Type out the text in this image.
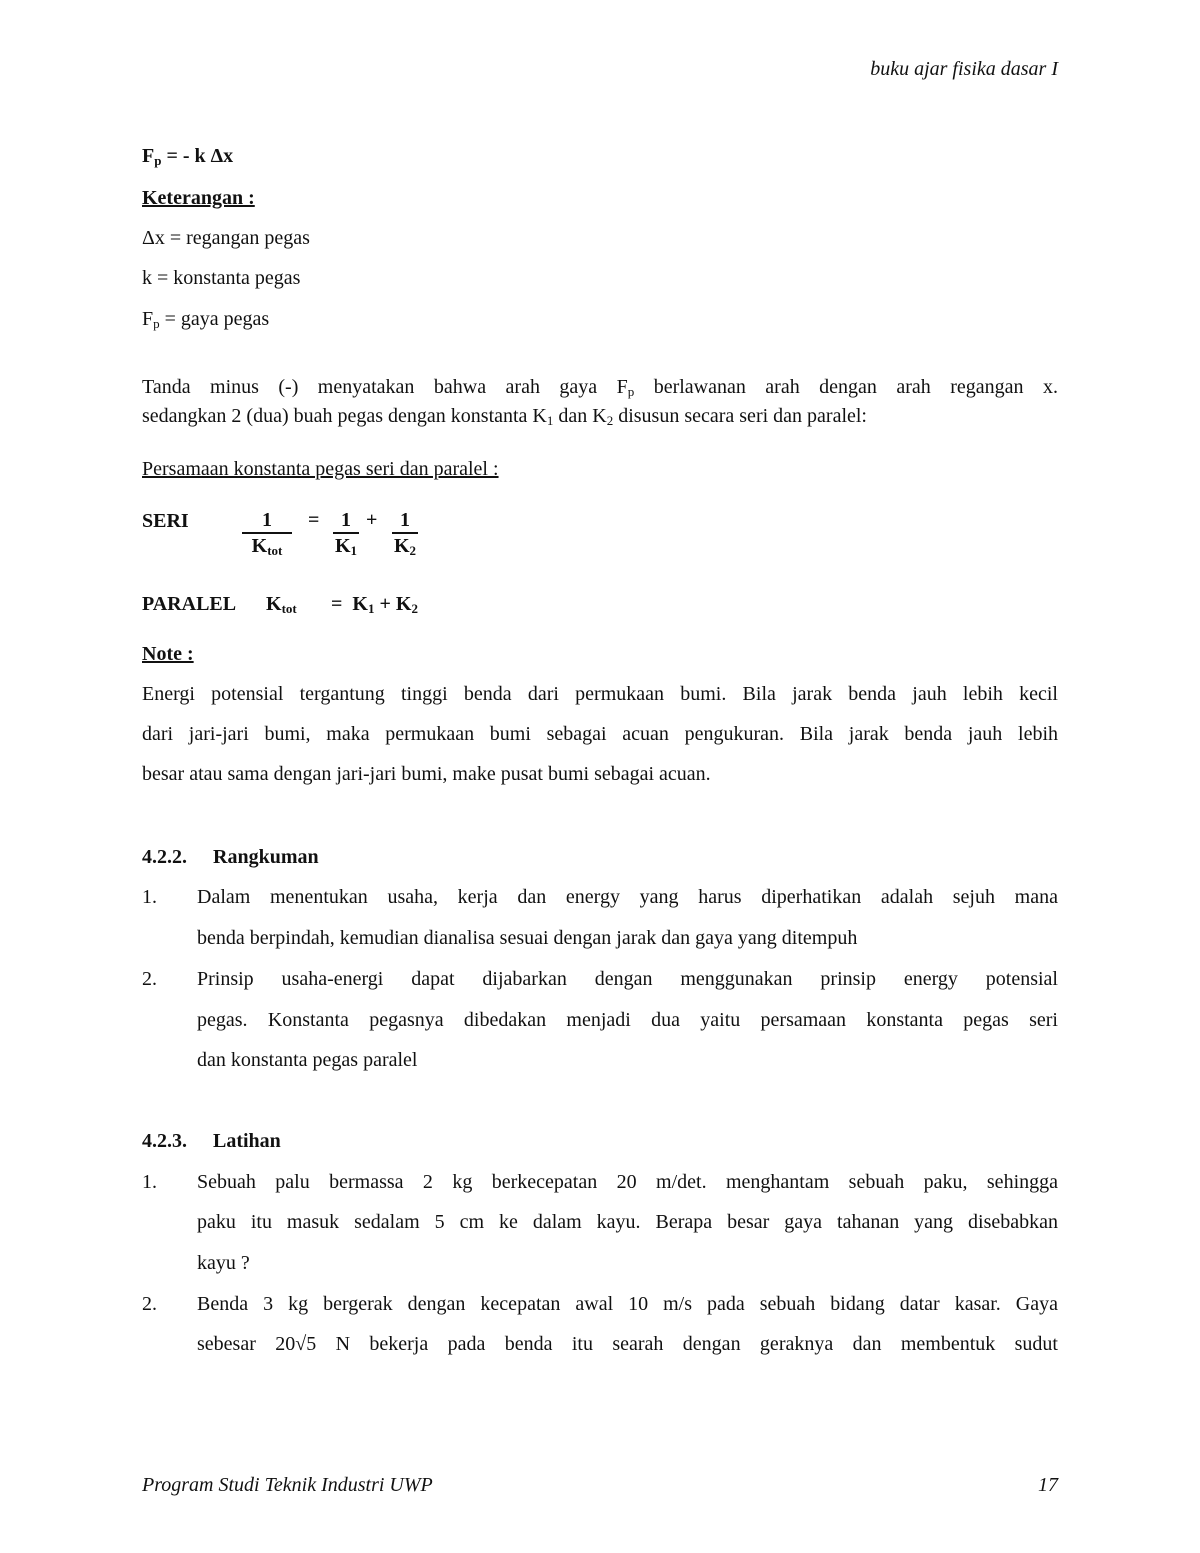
buku ajar fisika dasar I
$F_p$ = - k Δx
Keterangan :
Δx = regangan pegas
k = konstanta pegas
$F_p$ = gaya pegas
Tanda minus (-) menyatakan bahwa arah gaya $F_p$ berlawanan arah dengan arah regangan x.
sedangkan 2 (dua) buah pegas dengan konstanta $K_1$ dan $K_2$ disusun secara seri dan paralel:
Persamaan konstanta pegas seri dan paralel :
SERI	1
$K_{tot}$
= $\frac{1}{K_1} + \frac{1}{K_2}$
PARALEL $K_{tot} = K_1 + K_2$
Note :
Energi potensial tergantung tinggi benda dari permukaan bumi. Bila jarak benda jauh lebih kecil
dari jari-jari bumi, maka permukaan bumi sebagai acuan pengukuran. Bila jarak benda jauh lebih
besar atau sama dengan jari-jari bumi, make pusat bumi sebagai acuan.
4.2.2. Rangkuman
1. Dalam menentukan usaha, kerja dan energy yang harus diperhatikan adalah sejuh mana
benda berpindah, kemudian dianalisa sesuai dengan jarak dan gaya yang ditempuh
2. Prinsip usaha-energi dapat dijabarkan dengan menggunakan prinsip energy potensial
pegas. Konstanta pegasnya dibedakan menjadi dua yaitu persamaan konstanta pegas seri
dan konstanta pegas paralel
4.2.3. Latihan
1. Sebuah palu bermassa 2 kg berkecepatan 20 m/det. menghantam sebuah paku, sehingga
paku itu masuk sedalam 5 cm ke dalam kayu. Berapa besar gaya tahanan yang disebabkan
kayu ?
2. Benda 3 kg bergerak dengan kecepatan awal 10 m/s pada sebuah bidang datar kasar. Gaya
sebesar 20√5 N bekerja pada benda itu searah dengan geraknya dan membentuk sudut
Program Studi Teknik Industri UWP	17
